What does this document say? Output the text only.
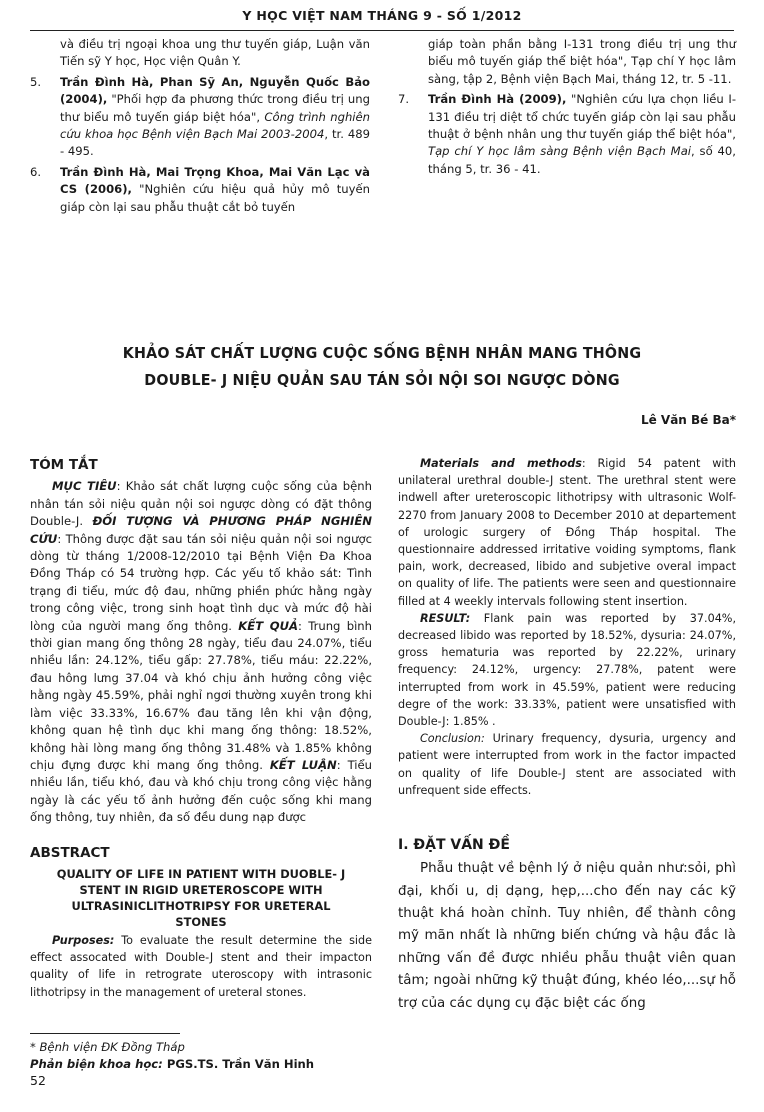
Y HỌC VIỆT NAM THÁNG 9 - SỐ 1/2012
và điều trị ngoại khoa ung thư tuyến giáp, Luận văn Tiến sỹ Y học, Học viện Quân Y.
5. Trần Đình Hà, Phan Sỹ An, Nguyễn Quốc Bảo (2004), "Phối hợp đa phương thức trong điều trị ung thư biểu mô tuyến giáp biệt hóa", Công trình nghiên cứu khoa học Bệnh viện Bạch Mai 2003-2004, tr. 489 - 495.
6. Trần Đình Hà, Mai Trọng Khoa, Mai Văn Lạc và CS (2006), "Nghiên cứu hiệu quả hủy mô tuyến giáp còn lại sau phẫu thuật cắt bỏ tuyến
giáp toàn phần bằng I-131 trong điều trị ung thư biểu mô tuyến giáp thể biệt hóa", Tạp chí Y học lâm sàng, tập 2, Bệnh viện Bạch Mai, tháng 12, tr. 5 -11.
7. Trần Đình Hà (2009), "Nghiên cứu lựa chọn liều I-131 điều trị diệt tổ chức tuyến giáp còn lại sau phẫu thuật ở bệnh nhân ung thư tuyến giáp thể biệt hóa", Tạp chí Y học lâm sàng Bệnh viện Bạch Mai, số 40, tháng 5, tr. 36 - 41.
KHẢO SÁT CHẤT LƯỢNG CUỘC SỐNG BỆNH NHÂN MANG THÔNG
DOUBLE- J NIỆU QUẢN SAU TÁN SỎI NỘI SOI NGƯỢC DÒNG
Lê Văn Bé Ba*
TÓM TẮT

MỤC TIÊU: Khảo sát chất lượng cuộc sống của bệnh nhân tán sỏi niệu quản nội soi ngược dòng có đặt thông Double-J. ĐỐI TƯỢNG VÀ PHƯƠNG PHÁP NGHIÊN CỨU: Thông được đặt sau tán sỏi niệu quản nội soi ngược dòng từ tháng 1/2008-12/2010 tại Bệnh Viện Đa Khoa Đồng Tháp có 54 trường hợp. Các yếu tố khảo sát: Tình trạng đi tiểu, mức độ đau, những phiền phức hằng ngày trong công việc, trong sinh hoạt tình dục và mức độ hài lòng của người mang ống thông. KẾT QUẢ: Trung bình thời gian mang ống thông 28 ngày, tiểu đau 24.07%, tiểu nhiều lần: 24.12%, tiểu gấp: 27.78%, tiểu máu: 22.22%, đau hông lưng 37.04 và khó chịu ảnh hưởng công việc hằng ngày 45.59%, phải nghỉ ngơi thường xuyên trong khi làm việc 33.33%, 16.67% đau tăng lên khi vận động, không quan hệ tình dục khi mang ống thông: 18.52%, không hài lòng mang ống thông 31.48% và 1.85% không chịu đựng được khi mang ống thông. KẾT LUẬN: Tiểu nhiều lần, tiểu khó, đau và khó chịu trong công việc hằng ngày là các yếu tố ảnh hưởng đến cuộc sống khi mang ống thông, tuy nhiên, đa số đều dung nạp được

ABSTRACT
QUALITY OF LIFE IN PATIENT WITH DUOBLE- J
STENT IN RIGID URETEROSCOPE WITH
ULTRASINICLITHOTRIPSY FOR URETERAL
STONES

Purposes: To evaluate the result determine the side effect assocated with Double-J stent and their impacton quality of life in retrograte uteroscopy with intrasonic lithotripsy in the management of ureteral stones.

Materials and methods: Rigid 54 patent with unilateral urethral double-J stent. The urethral stent were indwell after ureteroscopic lithotripsy with ultrasonic Wolf- 2270 from January 2008 to December 2010 at departement of urologic surgery of Đồng Tháp hospital. The questionnaire addressed irritative voiding symptoms, flank pain, work, decreased, libido and subjetive overal impact on quality of life. The patients were seen and questionnaire filled at 4 weekly intervals following stent insertion.

RESULT: Flank pain was reported by 37.04%, decreased libido was reported by 18.52%, dysuria: 24.07%, gross hematuria was reported by 22.22%, urinary frequency: 24.12%, urgency: 27.78%, patent were interrupted from work in 45.59%, patient were reducing degre of the work: 33.33%, patient were unsatisfied with Double-J: 1.85% .

Conclusion: Urinary frequency, dysuria, urgency and patient were interrupted from work in the factor impacted on quality of life Double-J stent are associated with unfrequent side effects.

I. ĐẶT VẤN ĐỀ

Phẫu thuật về bệnh lý ở niệu quản như:sỏi, phì đại, khối u, dị dạng, hẹp,...cho đến nay các kỹ thuật khá hoàn chỉnh. Tuy nhiên, để thành công mỹ mãn nhất là những biến chứng và hậu đắc là những vấn đề được nhiều phẫu thuật viên quan tâm; ngoài những kỹ thuật đúng, khéo léo,...sự hỗ trợ của các dụng cụ đặc biệt các ống

* Bệnh viện ĐK Đồng Tháp
Phản biện khoa học: PGS.TS. Trần Văn Hinh
52
